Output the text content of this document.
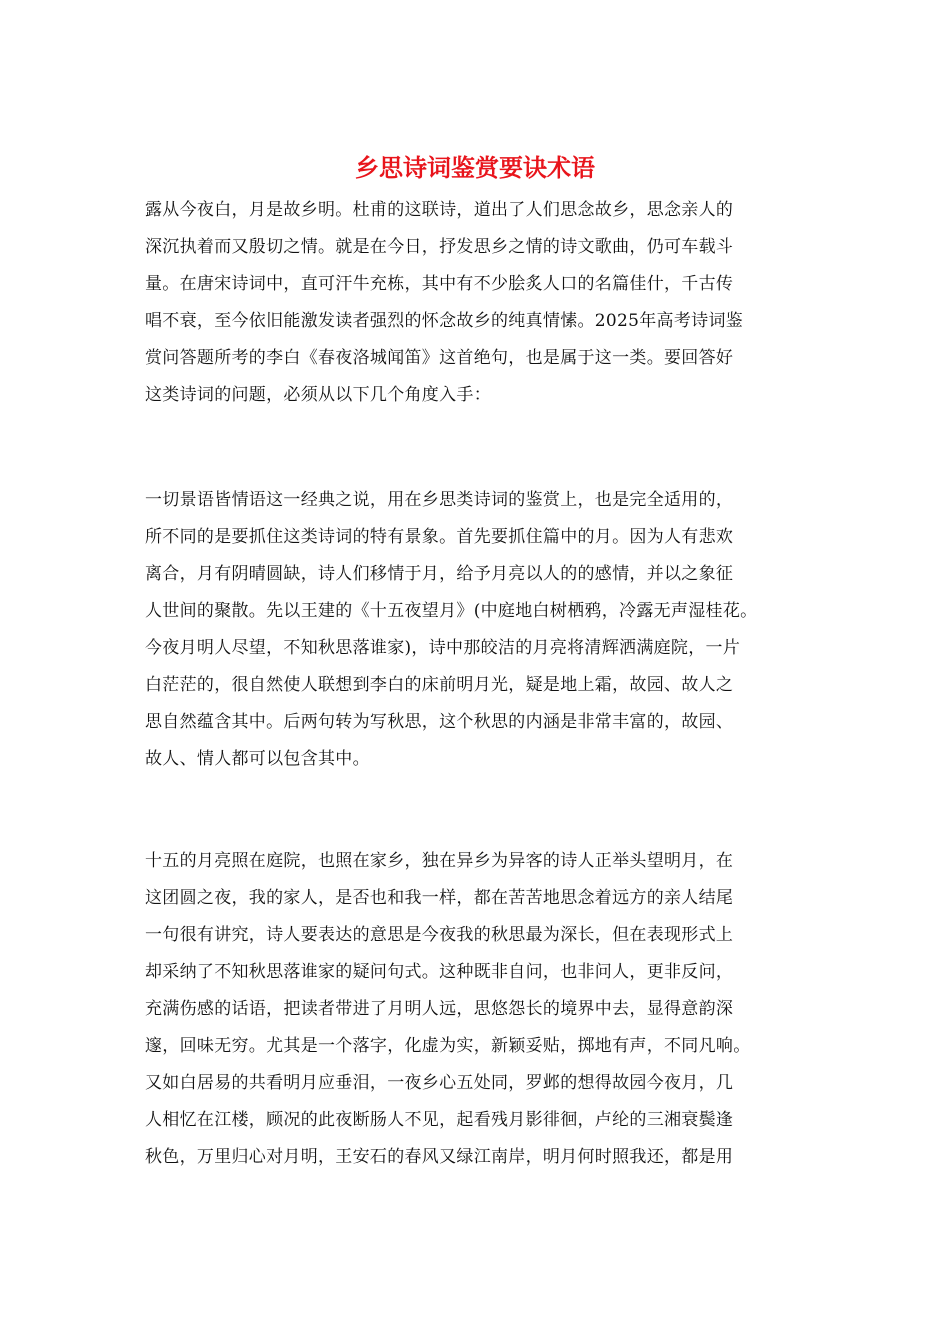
乡思诗词鉴赏要诀术语
露从今夜白，月是故乡明。杜甫的这联诗，道出了人们思念故乡，思念亲人的
深沉执着而又殷切之情。就是在今日，抒发思乡之情的诗文歌曲，仍可车载斗
量。在唐宋诗词中，直可汗牛充栋，其中有不少脍炙人口的名篇佳什，千古传
唱不衰，至今依旧能激发读者强烈的怀念故乡的纯真情愫。2025年高考诗词鉴
赏问答题所考的李白《春夜洛城闻笛》这首绝句，也是属于这一类。要回答好
这类诗词的问题，必须从以下几个角度入手：
一切景语皆情语这一经典之说，用在乡思类诗词的鉴赏上，也是完全适用的，
所不同的是要抓住这类诗词的特有景象。首先要抓住篇中的月。因为人有悲欢
离合，月有阴晴圆缺，诗人们移情于月，给予月亮以人的的感情，并以之象征
人世间的聚散。先以王建的《十五夜望月》(中庭地白树栖鸦，冷露无声湿桂花。
今夜月明人尽望，不知秋思落谁家)，诗中那皎洁的月亮将清辉洒满庭院，一片
白茫茫的，很自然使人联想到李白的床前明月光，疑是地上霜，故园、故人之
思自然蕴含其中。后两句转为写秋思，这个秋思的内涵是非常丰富的，故园、
故人、情人都可以包含其中。
十五的月亮照在庭院，也照在家乡，独在异乡为异客的诗人正举头望明月，在
这团圆之夜，我的家人，是否也和我一样，都在苦苦地思念着远方的亲人结尾
一句很有讲究，诗人要表达的意思是今夜我的秋思最为深长，但在表现形式上
却采纳了不知秋思落谁家的疑问句式。这种既非自问，也非问人，更非反问，
充满伤感的话语，把读者带进了月明人远，思悠怨长的境界中去，显得意韵深
邃，回味无穷。尤其是一个落字，化虚为实，新颖妥贴，掷地有声，不同凡响。
又如白居易的共看明月应垂泪，一夜乡心五处同，罗邺的想得故园今夜月，几
人相忆在江楼，顾况的此夜断肠人不见，起看残月影徘徊，卢纶的三湘衰鬓逢
秋色，万里归心对月明，王安石的春风又绿江南岸，明月何时照我还，都是用
